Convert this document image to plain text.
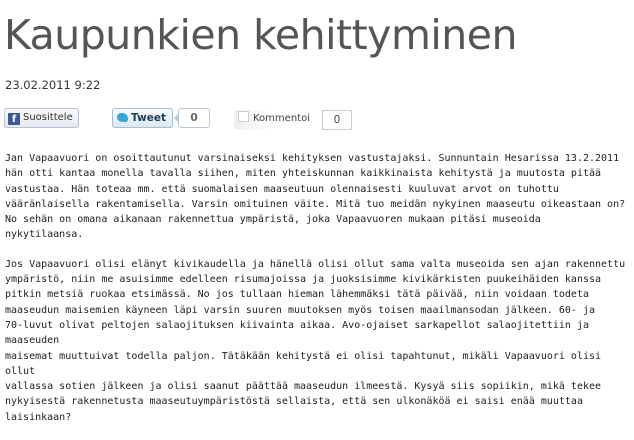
Kaupunkien kehittyminen
23.02.2011 9:22
f Suosittele	Tweet	0	Kommentoi	0

Jan Vapaavuori on osoittautunut varsinaiseksi kehityksen vastustajaksi. Sunnuntain Hesarissa 13.2.2011
hän otti kantaa monella tavalla siihen, miten yhteiskunnan kaikkinaista kehitystä ja muutosta pitää
vastustaa. Hän toteaa mm. että suomalaisen maaseutuun olennaisesti kuuluvat arvot on tuhottu
vääränlaisella rakentamisella. Varsin omituinen väite. Mitä tuo meidän nykyinen maaseutu oikeastaan on?
No sehän on omana aikanaan rakennettua ympäristä, joka Vapaavuoren mukaan pitäsi museoida
nykytilaansa.

Jos Vapaavuori olisi elänyt kivikaudella ja hänellä olisi ollut sama valta museoida sen ajan rakennettu
ympäristö, niin me asuisimme edelleen risumajoissa ja juoksisimme kivikärkisten puukeihäiden kanssa
pitkin metsiä ruokaa etsimässä. No jos tullaan hieman lähemmäksi tätä päivää, niin voidaan todeta
maaseudun maisemien käyneen läpi varsin suuren muutoksen myös toisen maailmansodan jälkeen. 60- ja
70-luvut olivat peltojen salaojituksen kiivainta aikaa. Avo-ojaiset sarkapellot salaojitettiin ja maaseuden
maisemat muuttuivat todella paljon. Tätäkään kehitystä ei olisi tapahtunut, mikäli Vapaavuori olisi ollut
vallassa sotien jälkeen ja olisi saanut päättää maaseudun ilmeestä. Kysyä siis sopiikin, mikä tekee
nykyisestä rakennetusta maaseutuympäristöstä sellaista, että sen ulkonäköä ei saisi enää muuttaa
laisinkaan?
